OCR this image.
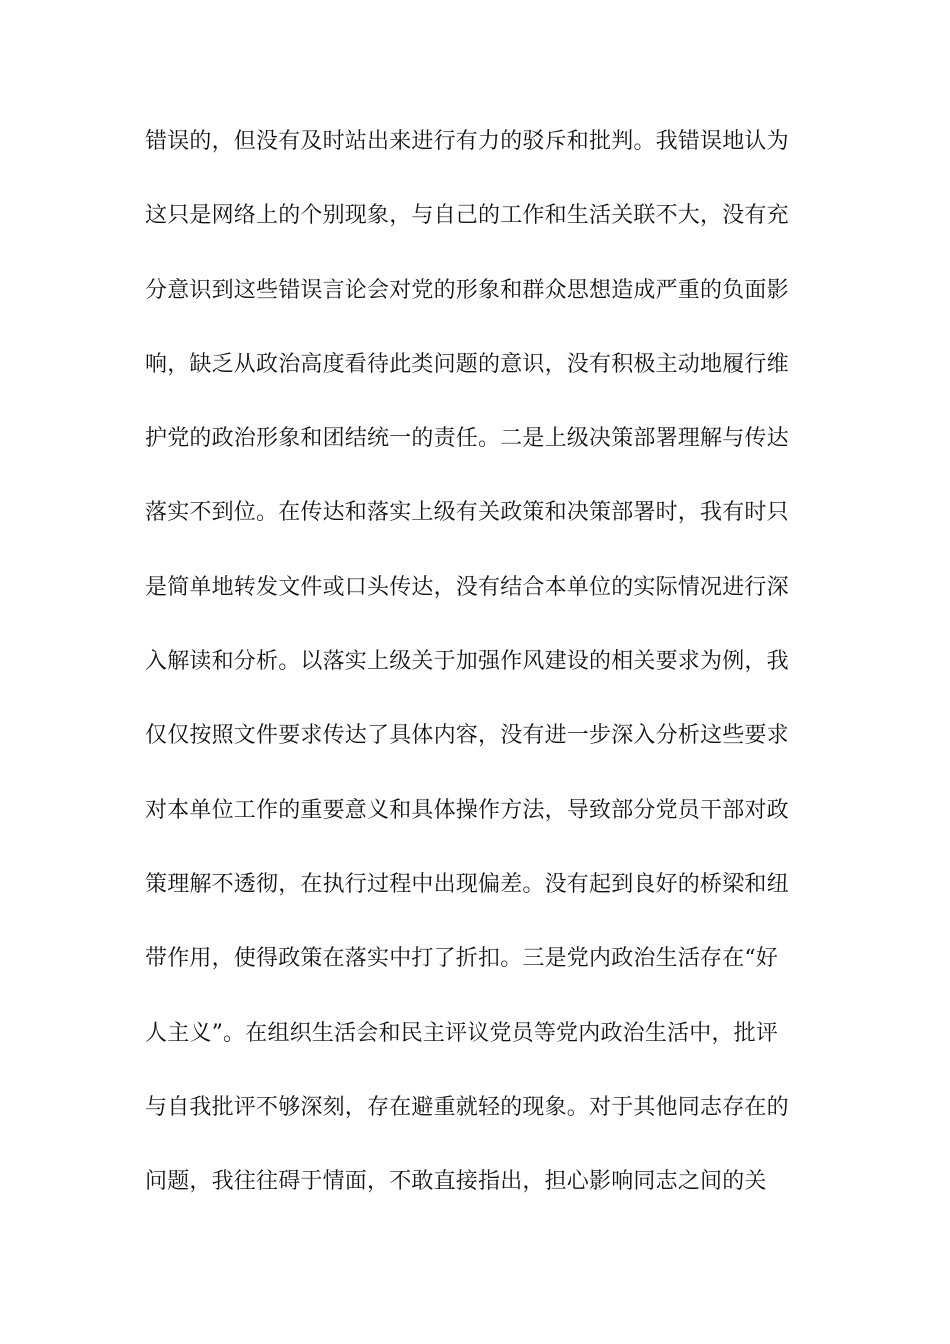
错误的，但没有及时站出来进行有力的驳斥和批判。我错误地认为
这只是网络上的个别现象，与自己的工作和生活关联不大，没有充
分意识到这些错误言论会对党的形象和群众思想造成严重的负面影
响，缺乏从政治高度看待此类问题的意识，没有积极主动地履行维
护党的政治形象和团结统一的责任。二是上级决策部署理解与传达
落实不到位。在传达和落实上级有关政策和决策部署时，我有时只
是简单地转发文件或口头传达，没有结合本单位的实际情况进行深
入解读和分析。以落实上级关于加强作风建设的相关要求为例，我
仅仅按照文件要求传达了具体内容，没有进一步深入分析这些要求
对本单位工作的重要意义和具体操作方法，导致部分党员干部对政
策理解不透彻，在执行过程中出现偏差。没有起到良好的桥梁和纽
带作用，使得政策在落实中打了折扣。三是党内政治生活存在“好
人主义”。在组织生活会和民主评议党员等党内政治生活中，批评
与自我批评不够深刻，存在避重就轻的现象。对于其他同志存在的
问题，我往往碍于情面，不敢直接指出，担心影响同志之间的关
